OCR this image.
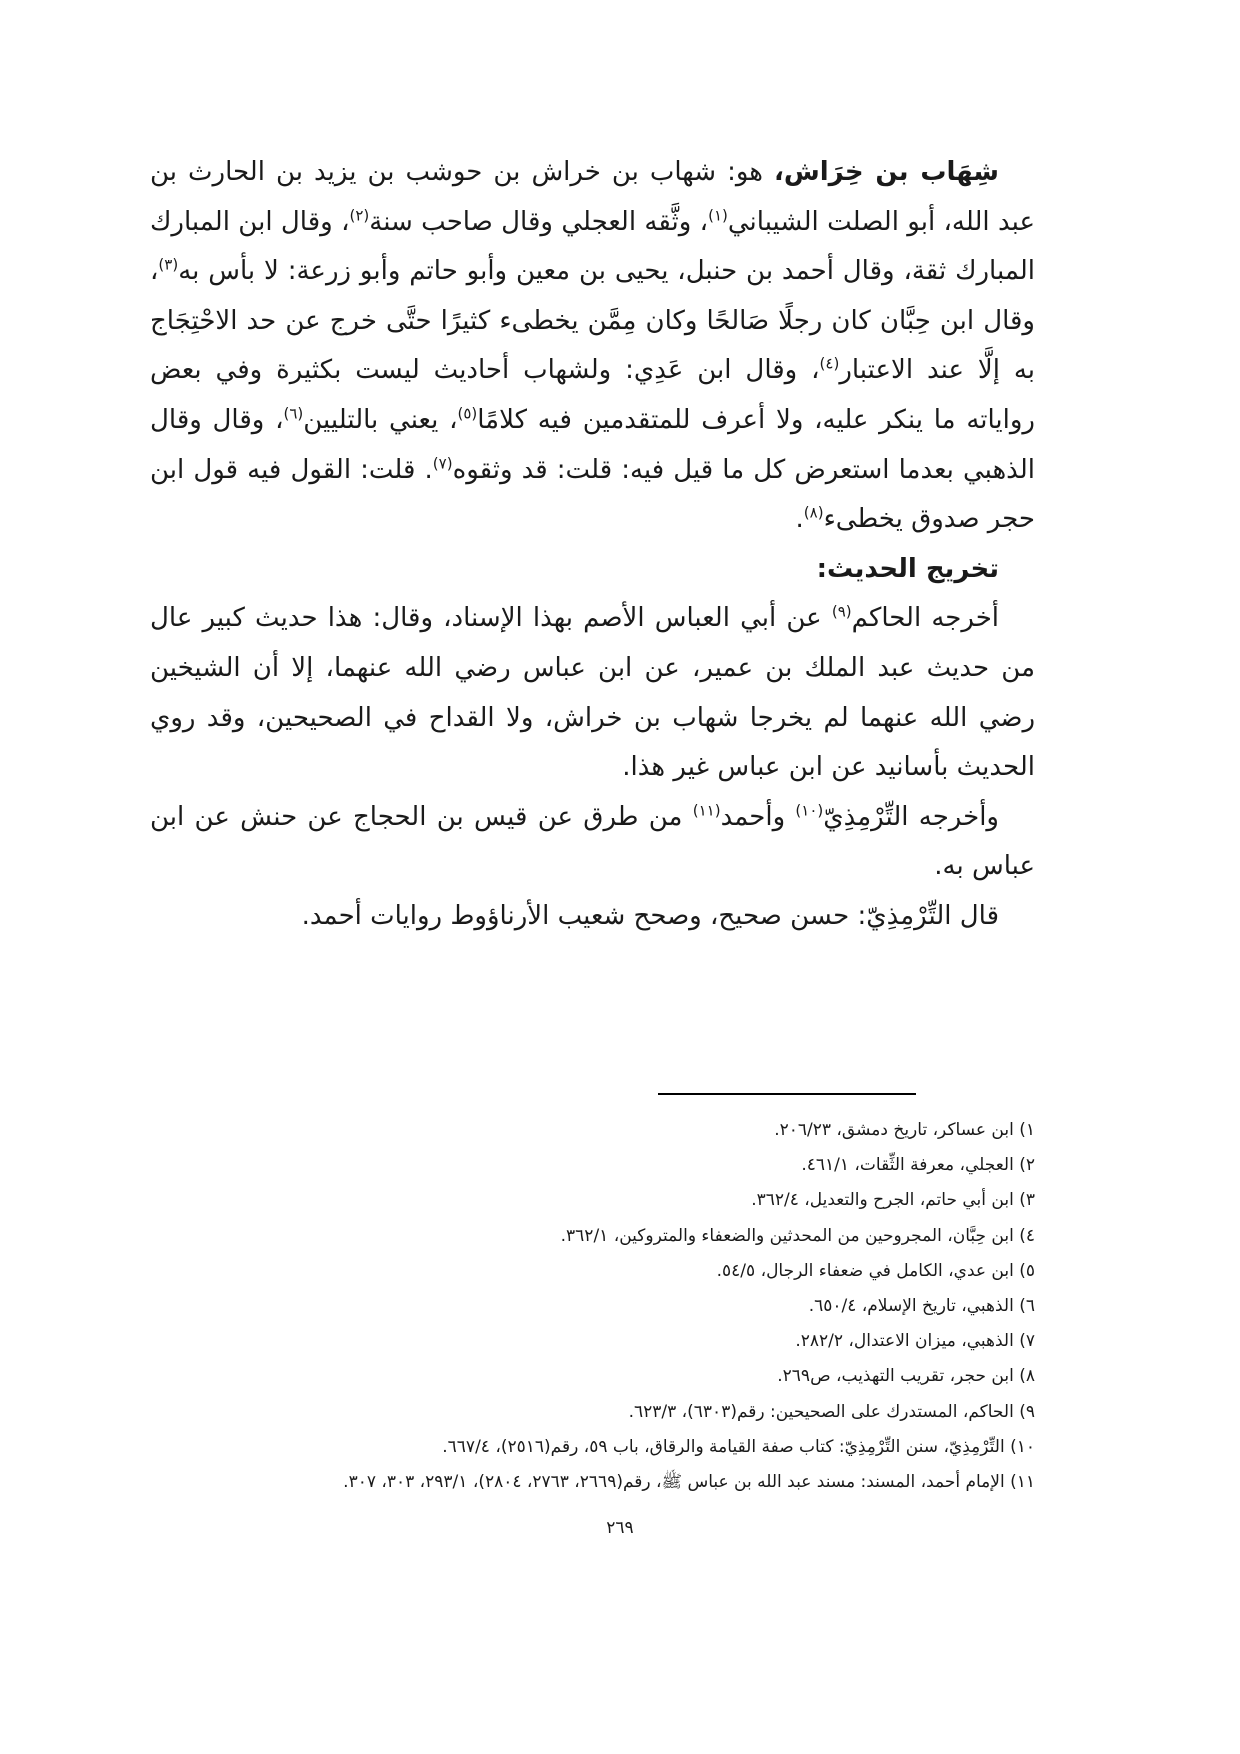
شِهَاب بن خِرَاش، هو: شهاب بن خراش بن حوشب بن يزيد بن الحارث بن عبد الله، أبو الصلت الشيباني$^{(١)}$، وثَّقه العجلي وقال صاحب سنة$^{(٢)}$، وقال ابن المبارك المبارك ثقة، وقال أحمد بن حنبل، يحيى بن معين وأبو حاتم وأبو زرعة: لا بأس به$^{(٣)}$، وقال ابن حِبَّان كان رجلًا صَالحًا وكان مِمَّن يخطىء كثيرًا حتَّى خرج عن حد الاحْتِجَاج به إلَّا عند الاعتبار$^{(٤)}$، وقال ابن عَدِي: ولشهاب أحاديث ليست بكثيرة وفي بعض رواياته ما ينكر عليه، ولا أعرف للمتقدمين فيه كلامًا$^{(٥)}$، يعني بالتليين$^{(٦)}$، وقال وقال الذهبي بعدما استعرض كل ما قيل فيه: قلت: قد وثقوه$^{(٧)}$. قلت: القول فيه قول ابن حجر صدوق يخطىء$^{(٨)}$.

تخريج الحديث:

أخرجه الحاكم$^{(٩)}$ عن أبي العباس الأصم بهذا الإسناد، وقال: هذا حديث كبير عال من حديث عبد الملك بن عمير، عن ابن عباس رضي الله عنهما، إلا أن الشيخين رضي الله عنهما لم يخرجا شهاب بن خراش، ولا القداح في الصحيحين، وقد روي الحديث بأسانيد عن ابن عباس غير هذا.

وأخرجه التِّرْمِذِيّ$^{(١٠)}$ وأحمد$^{(١١)}$ من طرق عن قيس بن الحجاج عن حنش عن ابن عباس به.

قال التِّرْمِذِيّ: حسن صحيح، وصحح شعيب الأرناؤوط روايات أحمد.

١) ابن عساكر، تاريخ دمشق، ٢٠٦/٢٣.
٢) العجلي، معرفة الثِّقات، ٤٦١/١.
٣) ابن أبي حاتم، الجرح والتعديل، ٣٦٢/٤.
٤) ابن حِبَّان، المجروحين من المحدثين والضعفاء والمتروكين، ٣٦٢/١.
٥) ابن عدي، الكامل في ضعفاء الرجال، ٥٤/٥.
٦) الذهبي، تاريخ الإسلام، ٦٥٠/٤.
٧) الذهبي، ميزان الاعتدال، ٢٨٢/٢.
٨) ابن حجر، تقريب التهذيب، ص٢٦٩.
٩) الحاكم، المستدرك على الصحيحين: رقم(٦٣٠٣)، ٦٢٣/٣.
١٠) التِّرْمِذِيّ، سنن التِّرْمِذِيّ: كتاب صفة القيامة والرقاق، باب ٥٩، رقم(٢٥١٦)، ٦٦٧/٤.
١١) الإمام أحمد، المسند: مسند عبد الله بن عباس ﷺ، رقم(٢٦٦٩، ٢٧٦٣، ٢٨٠٤)، ٢٩٣/١، ٣٠٣، ٣٠٧.
٢٦٩
